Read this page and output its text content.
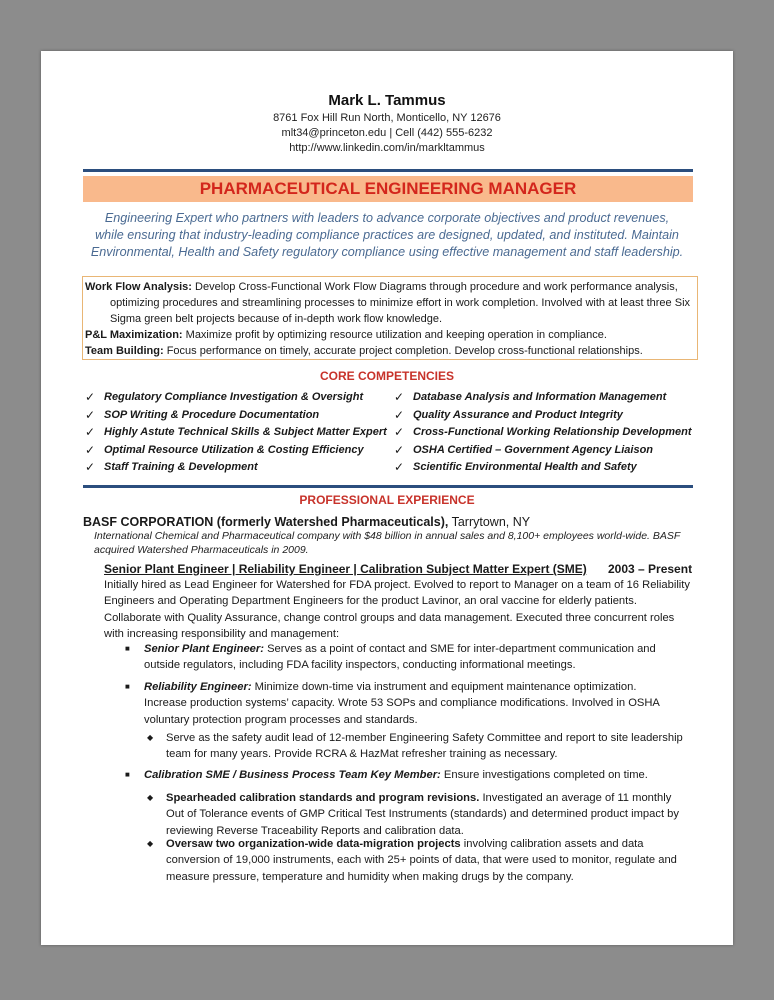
Mark L. Tammus
8761 Fox Hill Run North, Monticello, NY 12676
mlt34@princeton.edu | Cell (442) 555-6232
http://www.linkedin.com/in/markltammus
PHARMACEUTICAL ENGINEERING MANAGER
Engineering Expert who partners with leaders to advance corporate objectives and product revenues, while ensuring that industry-leading compliance practices are designed, updated, and instituted. Maintain Environmental, Health and Safety regulatory compliance using effective management and staff leadership.
Work Flow Analysis: Develop Cross-Functional Work Flow Diagrams through procedure and work performance analysis, optimizing procedures and streamlining processes to minimize effort in work completion. Involved with at least three Six Sigma green belt projects because of in-depth work flow knowledge.
P&L Maximization: Maximize profit by optimizing resource utilization and keeping operation in compliance.
Team Building: Focus performance on timely, accurate project completion. Develop cross-functional relationships.
CORE COMPETENCIES
✓ Regulatory Compliance Investigation & Oversight
✓ SOP Writing & Procedure Documentation
✓ Highly Astute Technical Skills & Subject Matter Expert
✓ Optimal Resource Utilization & Costing Efficiency
✓ Staff Training & Development
✓ Database Analysis and Information Management
✓ Quality Assurance and Product Integrity
✓ Cross-Functional Working Relationship Development
✓ OSHA Certified – Government Agency Liaison
✓ Scientific Environmental Health and Safety
PROFESSIONAL EXPERIENCE
BASF CORPORATION (formerly Watershed Pharmaceuticals), Tarrytown, NY
International Chemical and Pharmaceutical company with $48 billion in annual sales and 8,100+ employees world-wide. BASF acquired Watershed Pharmaceuticals in 2009.
Senior Plant Engineer | Reliability Engineer | Calibration Subject Matter Expert (SME) 2003 – Present
Initially hired as Lead Engineer for Watershed for FDA project. Evolved to report to Manager on a team of 16 Reliability Engineers and Operating Department Engineers for the product Lavinor, an oral vaccine for elderly patients. Collaborate with Quality Assurance, change control groups and data management. Executed three concurrent roles with increasing responsibility and management:
■ Senior Plant Engineer: Serves as a point of contact and SME for inter-department communication and outside regulators, including FDA facility inspectors, conducting informational meetings.
■ Reliability Engineer: Minimize down-time via instrument and equipment maintenance optimization. Increase production systems’ capacity. Wrote 53 SOPs and compliance modifications. Involved in OSHA voluntary protection program processes and standards.
◆ Serve as the safety audit lead of 12-member Engineering Safety Committee and report to site leadership team for many years. Provide RCRA & HazMat refresher training as necessary.
■ Calibration SME / Business Process Team Key Member: Ensure investigations completed on time.
◆ Spearheaded calibration standards and program revisions. Investigated an average of 11 monthly Out of Tolerance events of GMP Critical Test Instruments (standards) and determined product impact by reviewing Reverse Traceability Reports and calibration data.
◆ Oversaw two organization-wide data-migration projects involving calibration assets and data conversion of 19,000 instruments, each with 25+ points of data, that were used to monitor, regulate and measure pressure, temperature and humidity when making drugs by the company.
